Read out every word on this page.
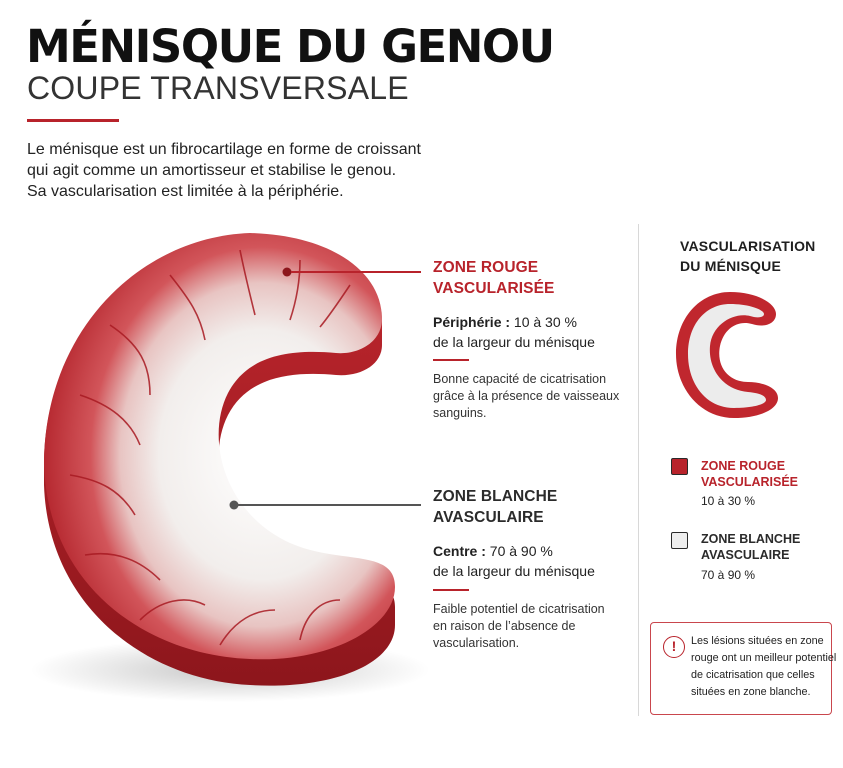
MÉNISQUE DU GENOU
COUPE TRANSVERSALE
Le ménisque est un fibrocartilage en forme de croissant
qui agit comme un amortisseur et stabilise le genou.
Sa vascularisation est limitée à la périphérie.
ZONE ROUGE
VASCULARISÉE
Périphérie : 10 à 30 %
de la largeur du ménisque
Bonne capacité de cicatrisation
grâce à la présence de vaisseaux
sanguins.
ZONE BLANCHE
AVASCULAIRE
Centre : 70 à 90 %
de la largeur du ménisque
Faible potentiel de cicatrisation
en raison de l’absence de
vascularisation.
VASCULARISATION
DU MÉNISQUE
ZONE ROUGE
VASCULARISÉE
10 à 30 %
ZONE BLANCHE
AVASCULAIRE
70 à 90 %
!	Les lésions situées en zone
rouge ont un meilleur potentiel
de cicatrisation que celles
situées en zone blanche.
